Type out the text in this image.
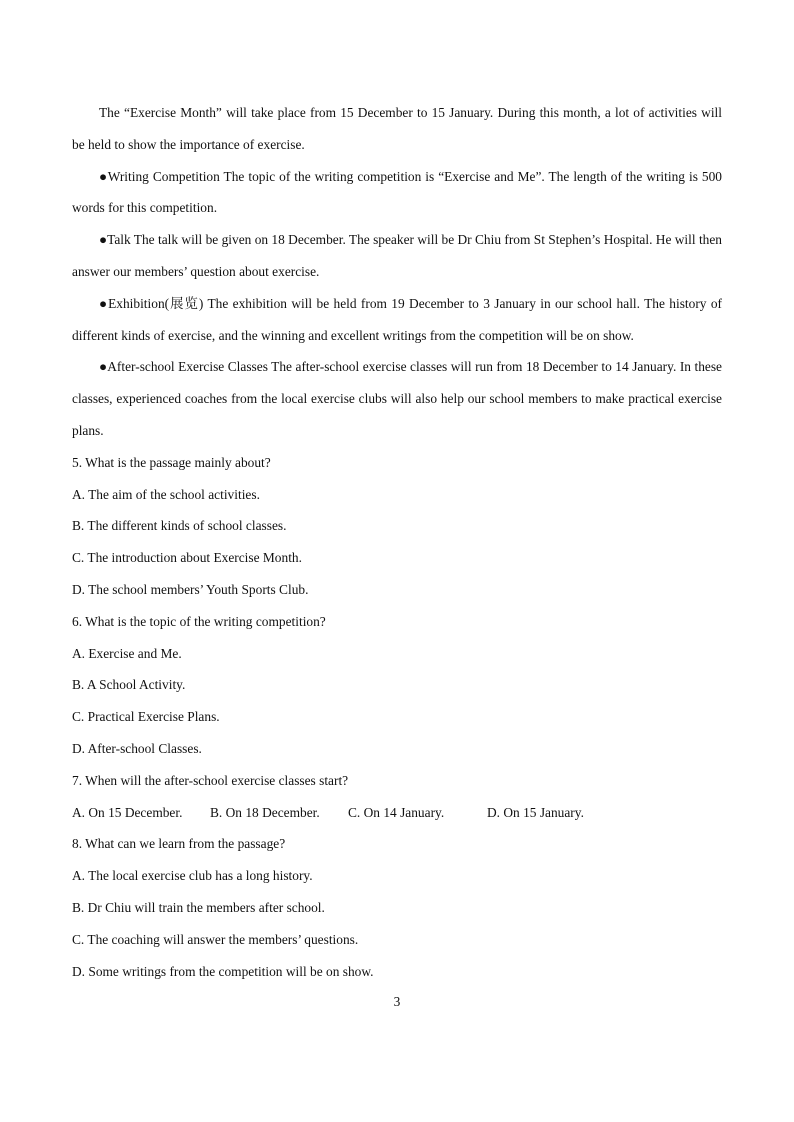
The “Exercise Month” will take place from 15 December to 15 January. During this month, a lot of activities will be held to show the importance of exercise.

●Writing Competition The topic of the writing competition is “Exercise and Me”. The length of the writing is 500 words for this competition.

●Talk The talk will be given on 18 December. The speaker will be Dr Chiu from St Stephen’s Hospital. He will then answer our members’ question about exercise.

●Exhibition(展览) The exhibition will be held from 19 December to 3 January in our school hall. The history of different kinds of exercise, and the winning and excellent writings from the competition will be on show.

●After-school Exercise Classes The after-school exercise classes will run from 18 December to 14 January. In these classes, experienced coaches from the local exercise clubs will also help our school members to make practical exercise plans.

5. What is the passage mainly about?

A. The aim of the school activities.

B. The different kinds of school classes.

C. The introduction about Exercise Month.

D. The school members’ Youth Sports Club.

6. What is the topic of the writing competition?

A. Exercise and Me.

B. A School Activity.

C. Practical Exercise Plans.

D. After-school Classes.

7. When will the after-school exercise classes start?

A. On 15 December. B. On 18 December. C. On 14 January.	D. On 15 January.

8. What can we learn from the passage?

A. The local exercise club has a long history.

B. Dr Chiu will train the members after school.

C. The coaching will answer the members’ questions.

D. Some writings from the competition will be on show.

3
